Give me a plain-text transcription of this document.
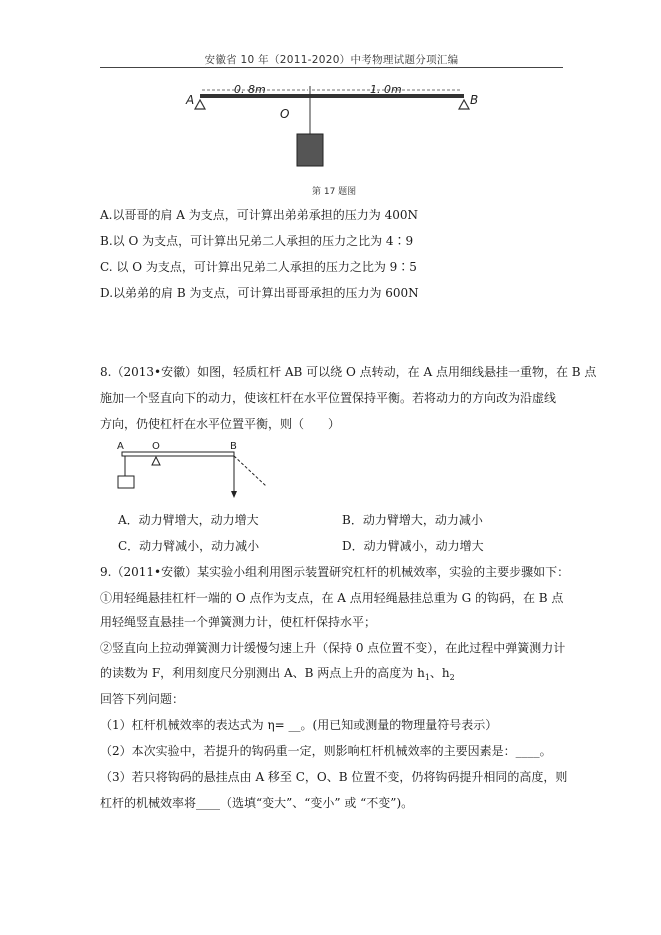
安徽省 10 年（2011-2020）中考物理试题分项汇编
A	B
0. 8m	1. 0m
O
第 17 题图
A.以哥哥的肩 A 为支点，可计算出弟弟承担的压力为 400N
B.以 O 为支点，可计算出兄弟二人承担的压力之比为 4∶9
C. 以 O 为支点，可计算出兄弟二人承担的压力之比为 9∶5
D.以弟弟的肩 B 为支点，可计算出哥哥承担的压力为 600N
8.（2013•安徽）如图，轻质杠杆 AB 可以绕 O 点转动，在 A 点用细线悬挂一重物，在 B 点
施加一个竖直向下的动力，使该杠杆在水平位置保持平衡。若将动力的方向改为沿虚线
方向，仍使杠杆在水平位置平衡，则（　　）
A	O	B
A．动力臂增大，动力增大	B．动力臂增大，动力减小
C．动力臂减小，动力减小	D．动力臂减小，动力增大
9.（2011•安徽）某实验小组利用图示装置研究杠杆的机械效率，实验的主要步骤如下：
①用轻绳悬挂杠杆一端的 O 点作为支点，在 A 点用轻绳悬挂总重为 G 的钩码，在 B 点
用轻绳竖直悬挂一个弹簧测力计，使杠杆保持水平；
②竖直向上拉动弹簧测力计缓慢匀速上升（保持 0 点位置不变），在此过程中弹簧测力计
的读数为 F，利用刻度尺分别测出 A、B 两点上升的高度为 $h_1$、$h_2$
回答下列问题：
（1）杠杆机械效率的表达式为 η= __。(用已知或测量的物理量符号表示）
（2）本次实验中，若提升的钩码重一定，则影响杠杆机械效率的主要因素是：____。
（3）若只将钩码的悬挂点由 A 移至 C，O、B 位置不变，仍将钩码提升相同的高度，则
杠杆的机械效率将____（选填“变大”、“变小” 或 “不变”)。
